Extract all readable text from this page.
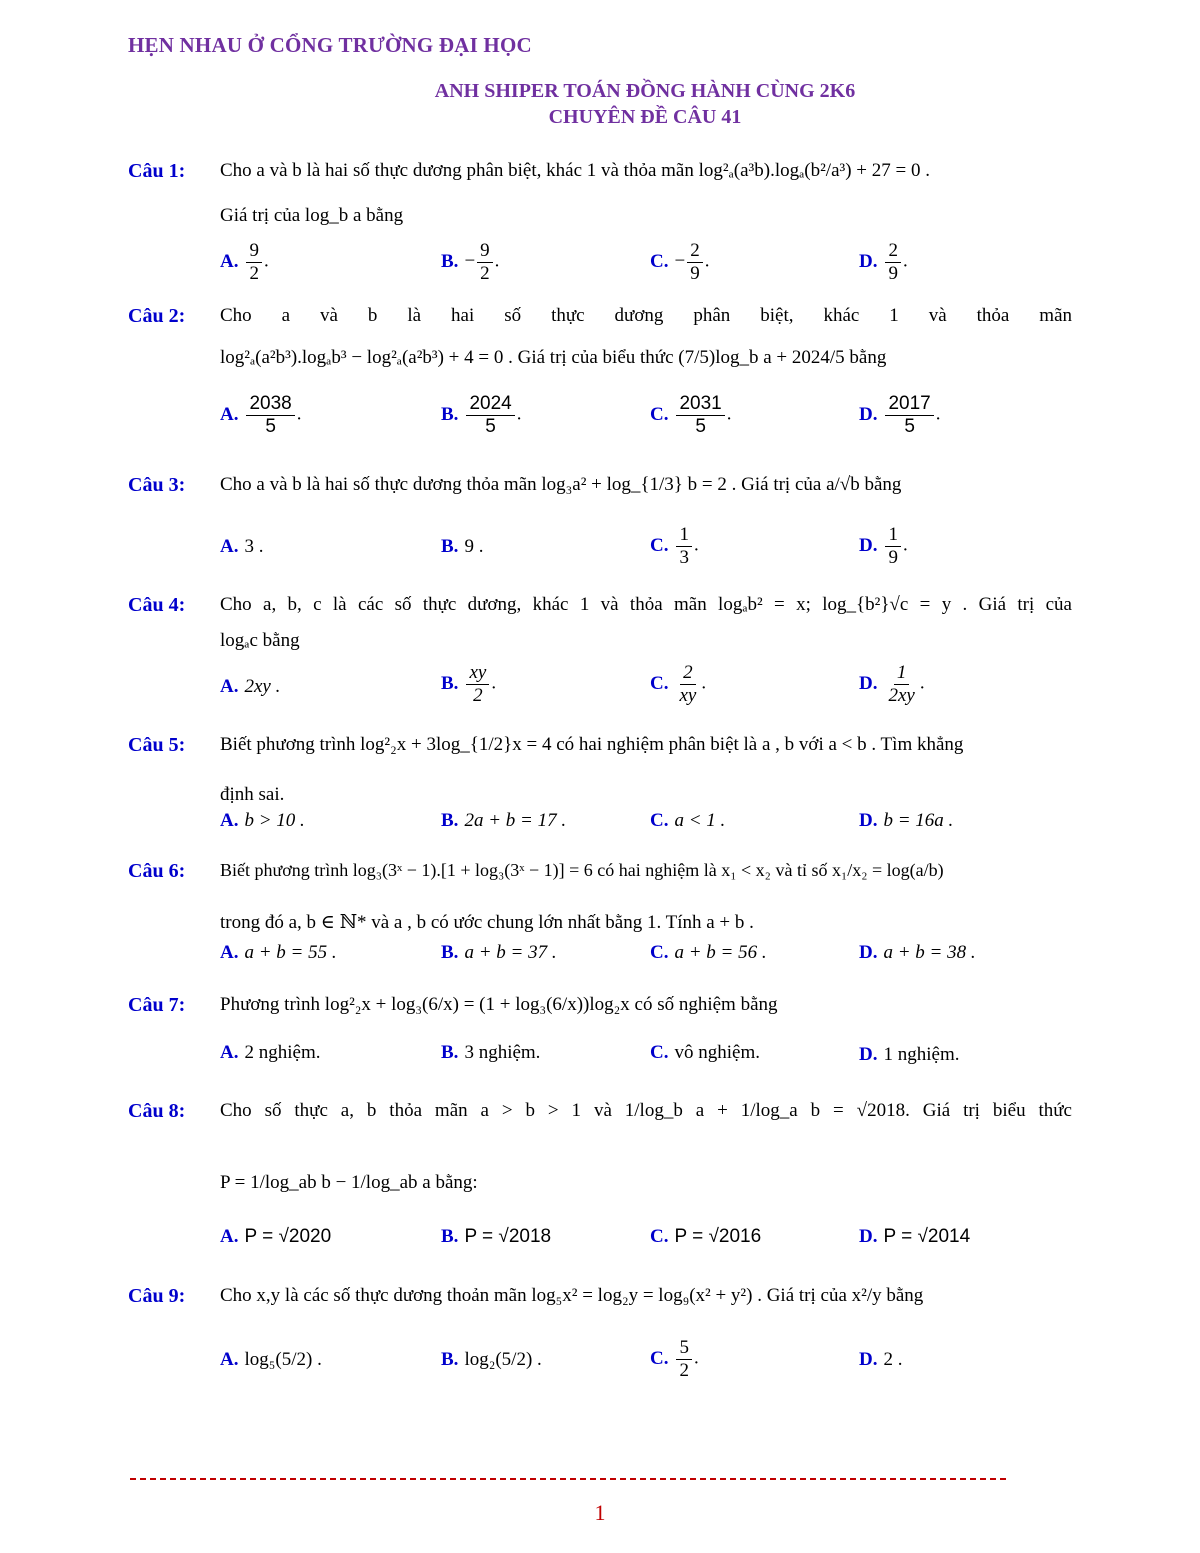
HẸN NHAU Ở CỔNG TRƯỜNG ĐẠI HỌC
ANH SHIPER TOÁN ĐỒNG HÀNH CÙNG 2K6
CHUYÊN ĐỀ CÂU 41
Câu 1: Cho a và b là hai số thực dương phân biệt, khác 1 và thỏa mãn log²ₐ(a³b).logₐ(b²/a³) + 27 = 0 .
Giá trị của log_b a bằng
A. $\frac{9}{2}$ .	B. − $\frac{9}{2}$ .	C. − $\frac{2}{9}$ .	D. $\frac{2}{9}$ .
Câu 2: Cho a và b là hai số thực dương phân biệt, khác 1 và thỏa mãn
log²ₐ(a²b³).logₐb³ − log²ₐ(a²b³) + 4 = 0 . Giá trị của biểu thức (7/5)log_b a + 2024/5 bằng
A. $\frac{2038}{5}$ .	B. $\frac{2024}{5}$ .	C. $\frac{2031}{5}$ .	D. $\frac{2017}{5}$ .
Câu 3: Cho a và b là hai số thực dương thỏa mãn log₃a² + log_{1/3} b = 2 . Giá trị của a/√b bằng
A. 3 .	B. 9 .	C. $\frac{1}{3}$ .	D. $\frac{1}{9}$ .
Câu 4: Cho a, b, c là các số thực dương, khác 1 và thỏa mãn logₐb² = x; log_{b²}√c = y . Giá trị của
logₐc bằng
A. 2xy .	B. $\frac{xy}{2}$ .	C. $\frac{2}{xy}$ .	D. $\frac{1}{2xy}$ .
Câu 5: Biết phương trình log²₂x + 3log_{1/2}x = 4 có hai nghiệm phân biệt là a , b với a < b . Tìm khẳng
định sai.
A. b > 10 .	B. 2a + b = 17 .	C. a < 1 .	D. b = 16a .
Câu 6: Biết phương trình log₃(3ˣ − 1).[1 + log₃(3ˣ − 1)] = 6 có hai nghiệm là x₁ < x₂ và tỉ số x₁/x₂ = log(a/b)
trong đó a, b ∈ ℕ* và a , b có ước chung lớn nhất bằng 1. Tính a + b .
A. a + b = 55 .	B. a + b = 37 .	C. a + b = 56 .	D. a + b = 38 .
Câu 7: Phương trình log²₂x + log₃(6/x) = (1 + log₃(6/x))log₂x có số nghiệm bằng
A. 2 nghiệm.	B. 3 nghiệm.	C. vô nghiệm.	D. 1 nghiệm.
Câu 8: Cho số thực a, b thỏa mãn a > b > 1 và 1/log_b a + 1/log_a b = √2018. Giá trị biểu thức
P = 1/log_ab b − 1/log_ab a bằng:
A. P = √2020	B. P = √2018	C. P = √2016	D. P = √2014
Câu 9: Cho x,y là các số thực dương thoản mãn log₅x² = log₂y = log₉(x² + y²) . Giá trị của x²/y bằng
A. log₅(5/2) .	B. log₂(5/2) .	C. $\frac{5}{2}$ .	D. 2 .
1
